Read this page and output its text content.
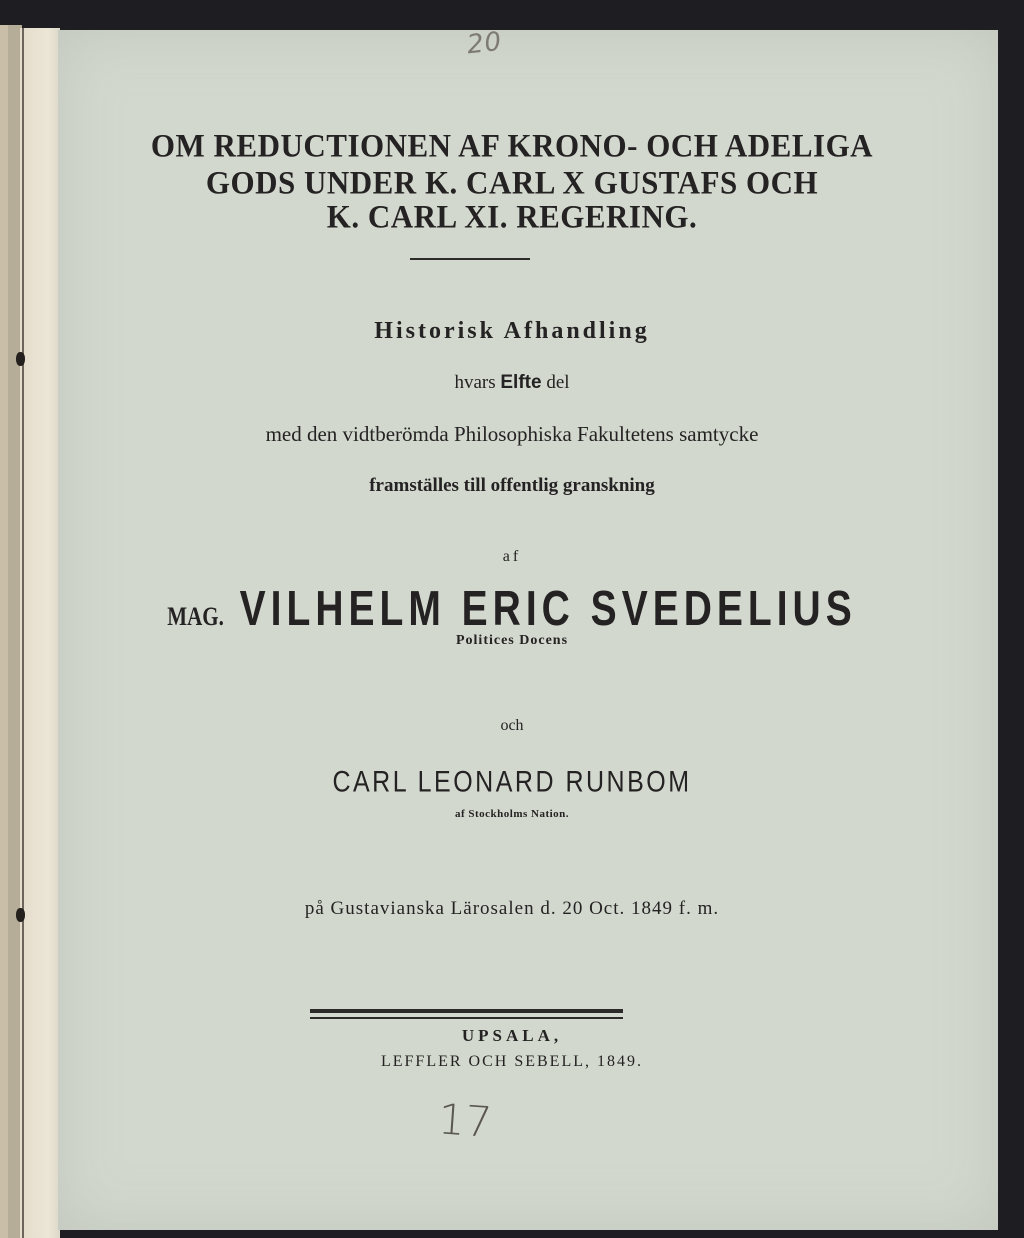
20
OM REDUCTIONEN AF KRONO- OCH ADELIGA
GODS UNDER K. CARL X GUSTAFS OCH
K. CARL XI. REGERING.
Historisk Afhandling
hvars Elfte del
med den vidtberömda Philosophiska Fakultetens samtycke
framställes till offentlig granskning
af
MAG. VILHELM ERIC SVEDELIUS
Politices Docens
och
CARL LEONARD RUNBOM
af Stockholms Nation.
på Gustavianska Lärosalen d. 20 Oct. 1849 f. m.
UPSALA,
LEFFLER OCH SEBELL, 1849.
17
